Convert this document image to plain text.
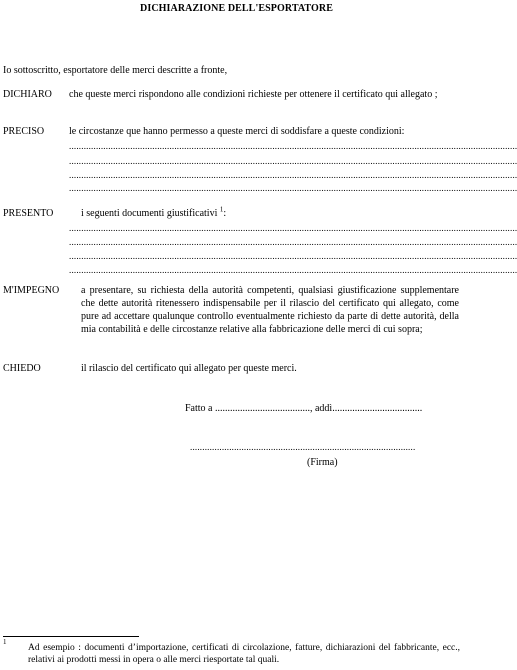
DICHIARAZIONE DELL'ESPORTATORE
Io sottoscritto, esportatore delle merci descritte a fronte,
DICHIARO che queste merci rispondono alle condizioni richieste per ottenere il certificato qui allegato ;
PRECISO le circostanze que hanno permesso a queste merci di soddisfare a queste condizioni:
.......................................................................................................................................................................................
.......................................................................................................................................................................................
.......................................................................................................................................................................................
.......................................................................................................................................................................................
PRESENTO	i seguenti documenti giustificativi $^1$:
.......................................................................................................................................................................................
.......................................................................................................................................................................................
.......................................................................................................................................................................................
.......................................................................................................................................................................................
M'IMPEGNO a presentare, su richiesta della autorità competenti, qualsiasi giustificazione supplementare che dette autorità ritenessero indispensabile per il rilascio del certificato qui allegato, come pure ad accettare qualunque controllo eventualmente richiesto da parte di dette autorità, della mia contabilità e delle circostanze relative alla fabbricazione delle merci di cui sopra;
CHIEDO	il rilascio del certificato qui allegato per queste merci.
Fatto a ......................................, addì....................................
............................................................................................
(Firma)
1
Ad esempio : documenti d’importazione, certificati di circolazione, fatture, dichiarazioni del fabbricante, ecc., relativi ai prodotti messi in opera o alle merci riesportate tal quali.
